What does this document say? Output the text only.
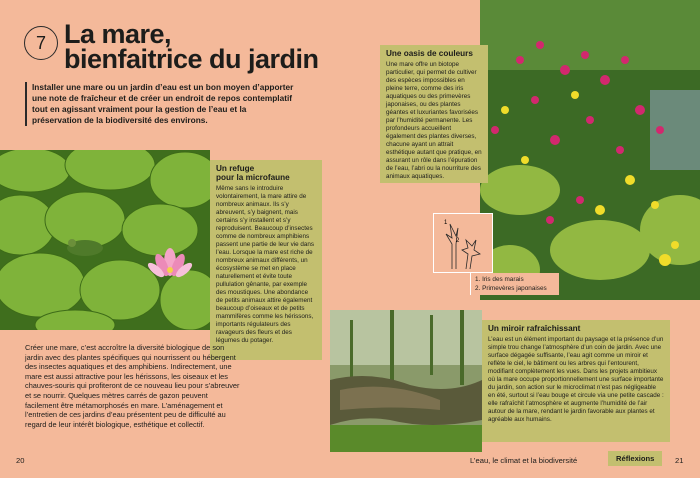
7 La mare,
bienfaitrice du jardin
Installer une mare ou un jardin d’eau est un bon moyen d’apporter une note de fraîcheur et de créer un endroit de repos contemplatif tout en agissant vraiment pour la gestion de l’eau et la préservation de la biodiversité des environs.
Un refuge
pour la microfaune

Même sans le introduire volontairement, la mare attire de nombreux animaux. Ils s’y abreuvent, s’y baignent, mais certains s’y installent et s’y reproduisent. Beaucoup d’insectes comme de nombreux amphibiens passent une partie de leur vie dans l’eau. Lorsque la mare est riche de nombreux animaux différents, un écosystème se met en place naturellement et évite toute pullulation gênante, par exemple des moustiques. Une abondance de petits animaux attire également beaucoup d’oiseaux et de petits mammifères comme les hérissons, importants régulateurs des ravageurs des fleurs et des légumes du potager.

Créer une mare, c’est accroître la diversité biologique de son jardin avec des plantes spécifiques qui nourrissent ou hébergent des insectes aquatiques et des amphibiens. Indirectement, une mare est aussi attractive pour les hérissons, les oiseaux et les chauves-souris qui profiteront de ce nouveau lieu pour s’abreuver et se nourrir. Quelques mètres carrés de gazon peuvent facilement être métamorphosés en mare. L’aménagement et l’entretien de ces jardins d’eau présentent peu de difficulté au regard de leur intérêt biologique, esthétique et collectif.
Une oasis de couleurs

Une mare offre un biotope particulier, qui permet de cultiver des espèces impossibles en pleine terre, comme des iris aquatiques ou des primevères japonaises, ou des plantes géantes et luxuriantes favorisées par l’humidité permanente. Les profondeurs accueillent également des plantes diverses, chacune ayant un attrait esthétique autant que pratique, en assurant un rôle dans l’épuration de l’eau, l’abri ou la nourriture des animaux aquatiques.

1
2
1. Iris des marais
2. Primevères japonaises
Un miroir rafraîchissant

L’eau est un élément important du paysage et la présence d’un simple trou change l’atmosphère d’un coin de jardin. Avec une surface dégagée suffisante, l’eau agit comme un miroir et reflète le ciel, le bâtiment ou les arbres qui l’entourent, modifiant complètement les vues. Dans les projets ambitieux où la mare occupe proportionnellement une surface importante du jardin, son action sur le microclimat n’est pas négligeable en été, surtout si l’eau bouge et circule via une petite cascade : elle rafraîchit l’atmosphère et augmente l’humidité de l’air autour de la mare, rendant le jardin favorable aux plantes et agréable aux humains.

20	L’eau, le climat et la biodiversité	Réflexions	21
